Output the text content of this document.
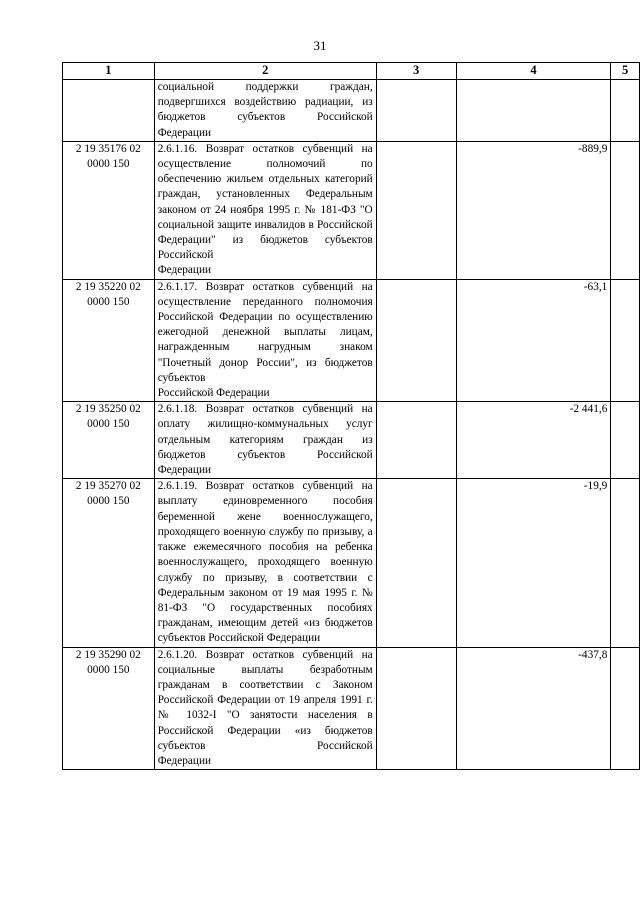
31
1	2	3	4	5
	социальной поддержки граждан, подвергшихся воздействию радиации, из бюджетов субъектов Российской
Федерации			

2 19 35176 02 0000 150	2.6.1.16. Возврат остатков субвенций на осуществление полномочий по обеспечению жильем отдельных категорий граждан, установленных Федеральным законом от 24 ноября 1995 г. № 181-ФЗ "О социальной защите инвалидов в Российской Федерации" из бюджетов субъектов Российской
Федерации		-889,9	
2 19 35220 02 0000 150	2.6.1.17. Возврат остатков субвенций на осуществление переданного полномочия Российской Федерации по осуществлению ежегодной денежной выплаты лицам, награжденным нагрудным знаком "Почетный донор России", из бюджетов субъектов
Российской Федерации		-63,1	
2 19 35250 02 0000 150	2.6.1.18. Возврат остатков субвенций на оплату жилищно-коммунальных услуг отдельным категориям граждан из бюджетов субъектов Российской
Федерации		-2 441,6	
2 19 35270 02 0000 150	2.6.1.19. Возврат остатков субвенций на выплату единовременного пособия беременной жене военнослужащего, проходящего военную службу по призыву, а также ежемесячного пособия на ребенка военнослужащего, проходящего военную службу по призыву, в соответствии с Федеральным законом от 19 мая 1995 г. № 81-ФЗ "О государственных пособиях гражданам, имеющим детей «из бюджетов
субъектов Российской Федерации		-19,9	
2 19 35290 02 0000 150	2.6.1.20. Возврат остатков субвенций на социальные выплаты безработным гражданам в соответствии с Законом Российской Федерации от 19 апреля 1991 г. № 1032-I "О занятости населения в Российской Федерации «из бюджетов субъектов Российской
Федерации		-437,8	
